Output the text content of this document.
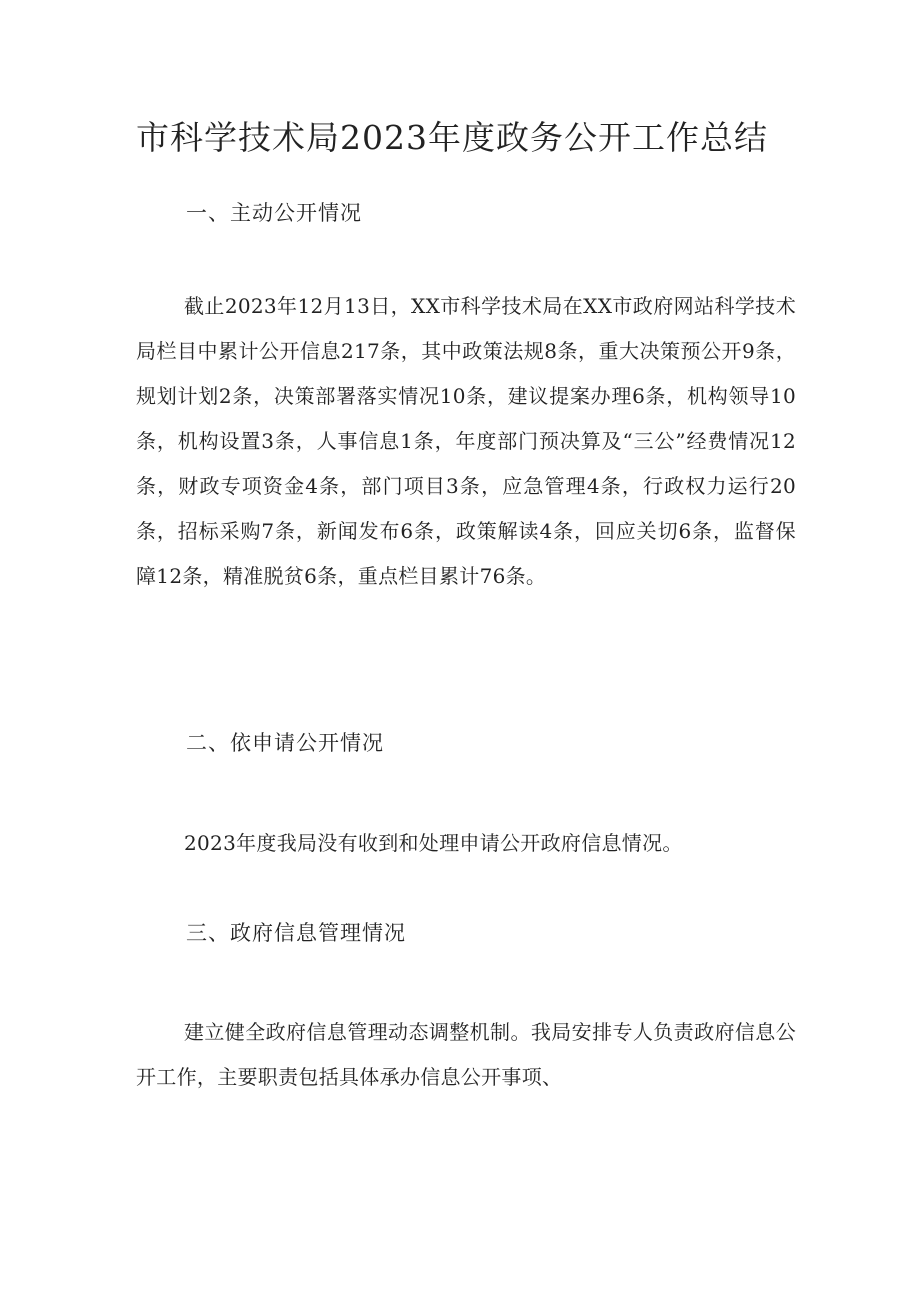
市科学技术局2023年度政务公开工作总结
一、主动公开情况

截止2023年12月13日，XX市科学技术局在XX市政府网站科学技术局栏目中累计公开信息217条，其中政策法规8条，重大决策预公开9条，规划计划2条，决策部署落实情况10条，建议提案办理6条，机构领导10条，机构设置3条，人事信息1条，年度部门预决算及“三公”经费情况12条，财政专项资金4条，部门项目3条，应急管理4条，行政权力运行20条，招标采购7条，新闻发布6条，政策解读4条，回应关切6条，监督保障12条，精准脱贫6条，重点栏目累计76条。

二、依申请公开情况

2023年度我局没有收到和处理申请公开政府信息情况。

三、政府信息管理情况

建立健全政府信息管理动态调整机制。我局安排专人负责政府信息公开工作，主要职责包括具体承办信息公开事项、
